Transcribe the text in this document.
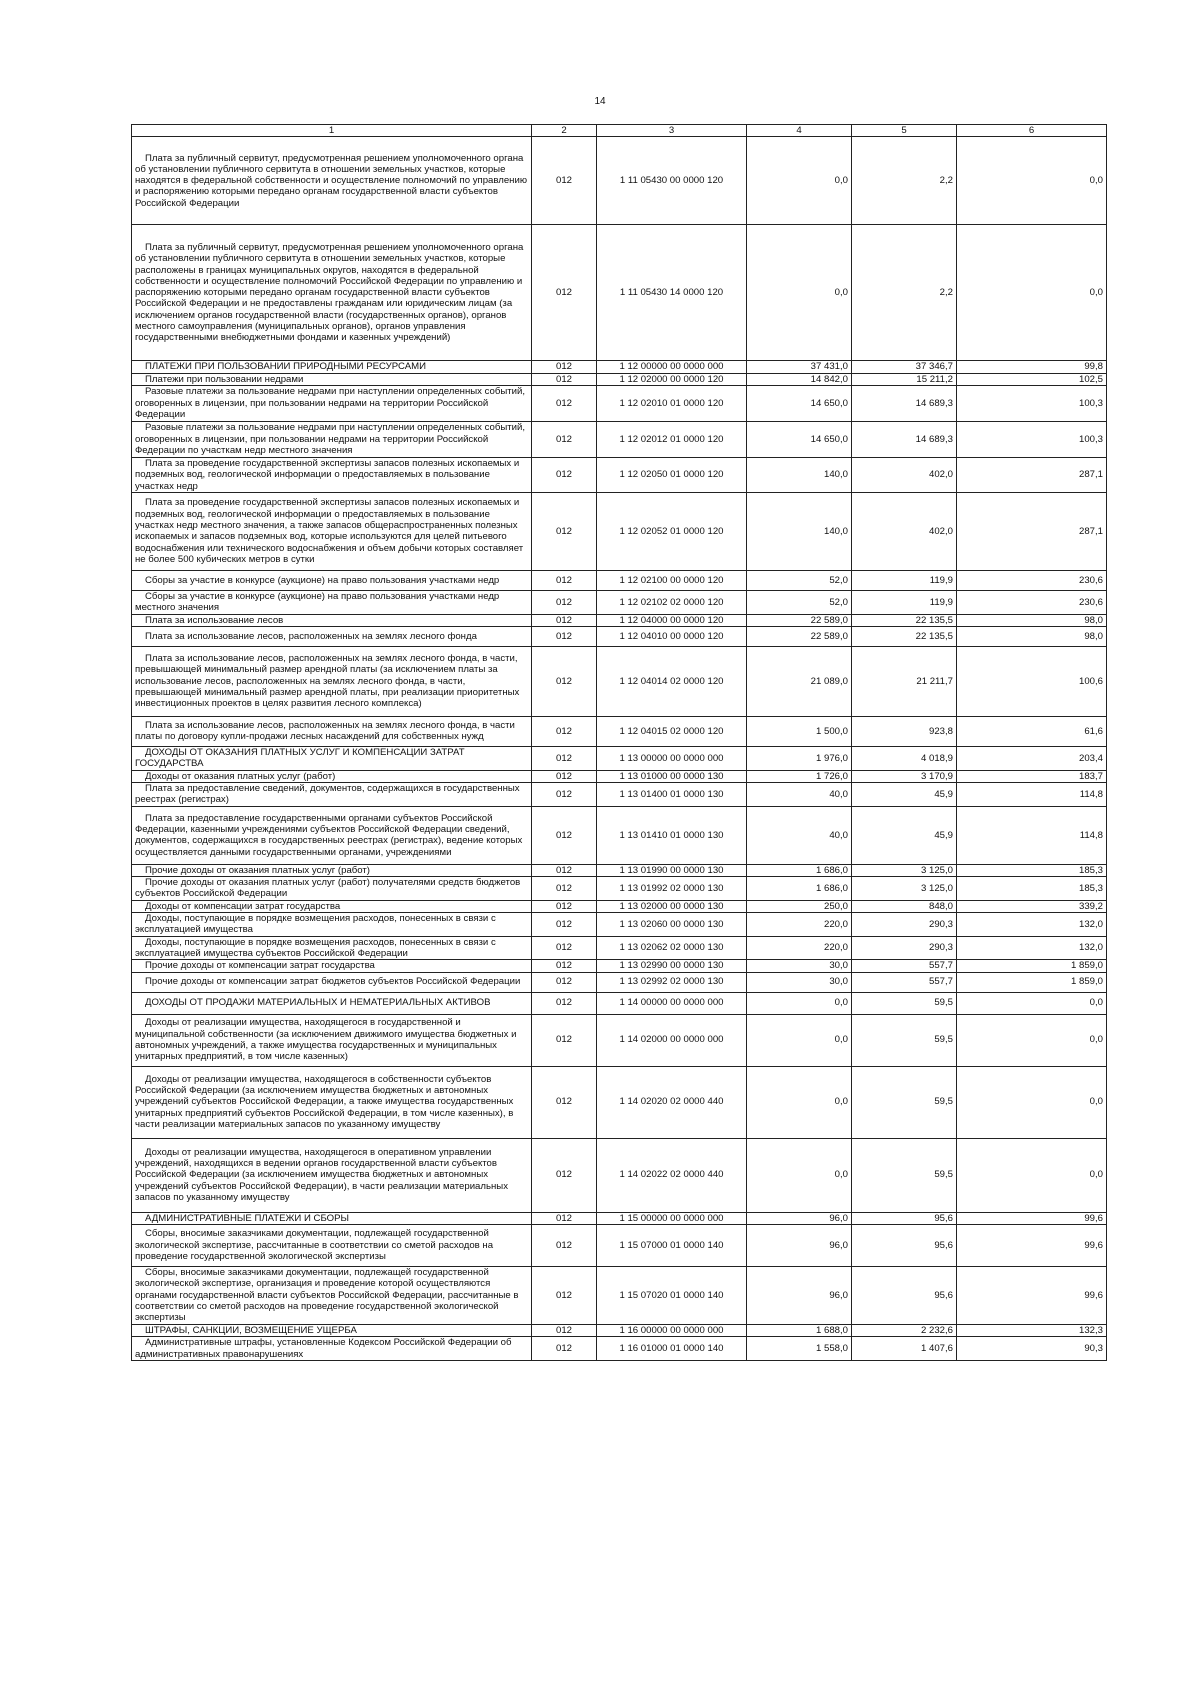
14
1	2	3	4	5	6
Плата за публичный сервитут, предусмотренная решением уполномоченного органа об установлении публичного сервитута в отношении земельных участков, которые находятся в федеральной собственности и осуществление полномочий по управлению и распоряжению которыми передано органам государственной власти субъектов Российской Федерации	012	1 11 05430 00 0000 120	0,0	2,2	0,0
Плата за публичный сервитут, предусмотренная решением уполномоченного органа об установлении публичного сервитута в отношении земельных участков, которые расположены в границах муниципальных округов, находятся в федеральной собственности и осуществление полномочий Российской Федерации по управлению и распоряжению которыми передано органам государственной власти субъектов Российской Федерации и не предоставлены гражданам или юридическим лицам (за исключением органов государственной власти (государственных органов), органов местного самоуправления (муниципальных органов), органов управления государственными внебюджетными фондами и казенных учреждений)	012	1 11 05430 14 0000 120	0,0	2,2	0,0
ПЛАТЕЖИ ПРИ ПОЛЬЗОВАНИИ ПРИРОДНЫМИ РЕСУРСАМИ	012	1 12 00000 00 0000 000	37 431,0	37 346,7	99,8
Платежи при пользовании недрами	012	1 12 02000 00 0000 120	14 842,0	15 211,2	102,5
Разовые платежи за пользование недрами при наступлении определенных событий, оговоренных в лицензии, при пользовании недрами на территории Российской Федерации	012	1 12 02010 01 0000 120	14 650,0	14 689,3	100,3
Разовые платежи за пользование недрами при наступлении определенных событий, оговоренных в лицензии, при пользовании недрами на территории Российской Федерации по участкам недр местного значения	012	1 12 02012 01 0000 120	14 650,0	14 689,3	100,3
Плата за проведение государственной экспертизы запасов полезных ископаемых и подземных вод, геологической информации о предоставляемых в пользование участках недр	012	1 12 02050 01 0000 120	140,0	402,0	287,1
Плата за проведение государственной экспертизы запасов полезных ископаемых и подземных вод, геологической информации о предоставляемых в пользование участках недр местного значения, а также запасов общераспространенных полезных ископаемых и запасов подземных вод, которые используются для целей питьевого водоснабжения или технического водоснабжения и объем добычи которых составляет не более 500 кубических метров в сутки	012	1 12 02052 01 0000 120	140,0	402,0	287,1
Сборы за участие в конкурсе (аукционе) на право пользования участками недр	012	1 12 02100 00 0000 120	52,0	119,9	230,6
Сборы за участие в конкурсе (аукционе) на право пользования участками недр местного значения	012	1 12 02102 02 0000 120	52,0	119,9	230,6
Плата за использование лесов	012	1 12 04000 00 0000 120	22 589,0	22 135,5	98,0
Плата за использование лесов, расположенных на землях лесного фонда	012	1 12 04010 00 0000 120	22 589,0	22 135,5	98,0
Плата за использование лесов, расположенных на землях лесного фонда, в части, превышающей минимальный размер арендной платы (за исключением платы за использование лесов, расположенных на землях лесного фонда, в части, превышающей минимальный размер арендной платы, при реализации приоритетных инвестиционных проектов в целях развития лесного комплекса)	012	1 12 04014 02 0000 120	21 089,0	21 211,7	100,6
Плата за использование лесов, расположенных на землях лесного фонда, в части платы по договору купли-продажи лесных насаждений для собственных нужд	012	1 12 04015 02 0000 120	1 500,0	923,8	61,6
ДОХОДЫ ОТ ОКАЗАНИЯ ПЛАТНЫХ УСЛУГ И КОМПЕНСАЦИИ ЗАТРАТ ГОСУДАРСТВА	012	1 13 00000 00 0000 000	1 976,0	4 018,9	203,4
Доходы от оказания платных услуг (работ)	012	1 13 01000 00 0000 130	1 726,0	3 170,9	183,7
Плата за предоставление сведений, документов, содержащихся в государственных реестрах (регистрах)	012	1 13 01400 01 0000 130	40,0	45,9	114,8
Плата за предоставление государственными органами субъектов Российской Федерации, казенными учреждениями субъектов Российской Федерации сведений, документов, содержащихся в государственных реестрах (регистрах), ведение которых осуществляется данными государственными органами, учреждениями	012	1 13 01410 01 0000 130	40,0	45,9	114,8
Прочие доходы от оказания платных услуг (работ)	012	1 13 01990 00 0000 130	1 686,0	3 125,0	185,3
Прочие доходы от оказания платных услуг (работ) получателями средств бюджетов субъектов Российской Федерации	012	1 13 01992 02 0000 130	1 686,0	3 125,0	185,3
Доходы от компенсации затрат государства	012	1 13 02000 00 0000 130	250,0	848,0	339,2
Доходы, поступающие в порядке возмещения расходов, понесенных в связи с эксплуатацией имущества	012	1 13 02060 00 0000 130	220,0	290,3	132,0
Доходы, поступающие в порядке возмещения расходов, понесенных в связи с эксплуатацией имущества субъектов Российской Федерации	012	1 13 02062 02 0000 130	220,0	290,3	132,0
Прочие доходы от компенсации затрат государства	012	1 13 02990 00 0000 130	30,0	557,7	1 859,0
Прочие доходы от компенсации затрат бюджетов субъектов Российской Федерации	012	1 13 02992 02 0000 130	30,0	557,7	1 859,0
ДОХОДЫ ОТ ПРОДАЖИ МАТЕРИАЛЬНЫХ И НЕМАТЕРИАЛЬНЫХ АКТИВОВ	012	1 14 00000 00 0000 000	0,0	59,5	0,0
Доходы от реализации имущества, находящегося в государственной и муниципальной собственности (за исключением движимого имущества бюджетных и автономных учреждений, а также имущества государственных и муниципальных унитарных предприятий, в том числе казенных)	012	1 14 02000 00 0000 000	0,0	59,5	0,0
Доходы от реализации имущества, находящегося в собственности субъектов Российской Федерации (за исключением имущества бюджетных и автономных учреждений субъектов Российской Федерации, а также имущества государственных унитарных предприятий субъектов Российской Федерации, в том числе казенных), в части реализации материальных запасов по указанному имуществу	012	1 14 02020 02 0000 440	0,0	59,5	0,0
Доходы от реализации имущества, находящегося в оперативном управлении учреждений, находящихся в ведении органов государственной власти субъектов Российской Федерации (за исключением имущества бюджетных и автономных учреждений субъектов Российской Федерации), в части реализации материальных запасов по указанному имуществу	012	1 14 02022 02 0000 440	0,0	59,5	0,0
АДМИНИСТРАТИВНЫЕ ПЛАТЕЖИ И СБОРЫ	012	1 15 00000 00 0000 000	96,0	95,6	99,6
Сборы, вносимые заказчиками документации, подлежащей государственной экологической экспертизе, рассчитанные в соответствии со сметой расходов на проведение государственной экологической экспертизы	012	1 15 07000 01 0000 140	96,0	95,6	99,6
Сборы, вносимые заказчиками документации, подлежащей государственной экологической экспертизе, организация и проведение которой осуществляются органами государственной власти субъектов Российской Федерации, рассчитанные в соответствии со сметой расходов на проведение государственной экологической экспертизы	012	1 15 07020 01 0000 140	96,0	95,6	99,6
ШТРАФЫ, САНКЦИИ, ВОЗМЕЩЕНИЕ УЩЕРБА	012	1 16 00000 00 0000 000	1 688,0	2 232,6	132,3
Административные штрафы, установленные Кодексом Российской Федерации об административных правонарушениях	012	1 16 01000 01 0000 140	1 558,0	1 407,6	90,3
